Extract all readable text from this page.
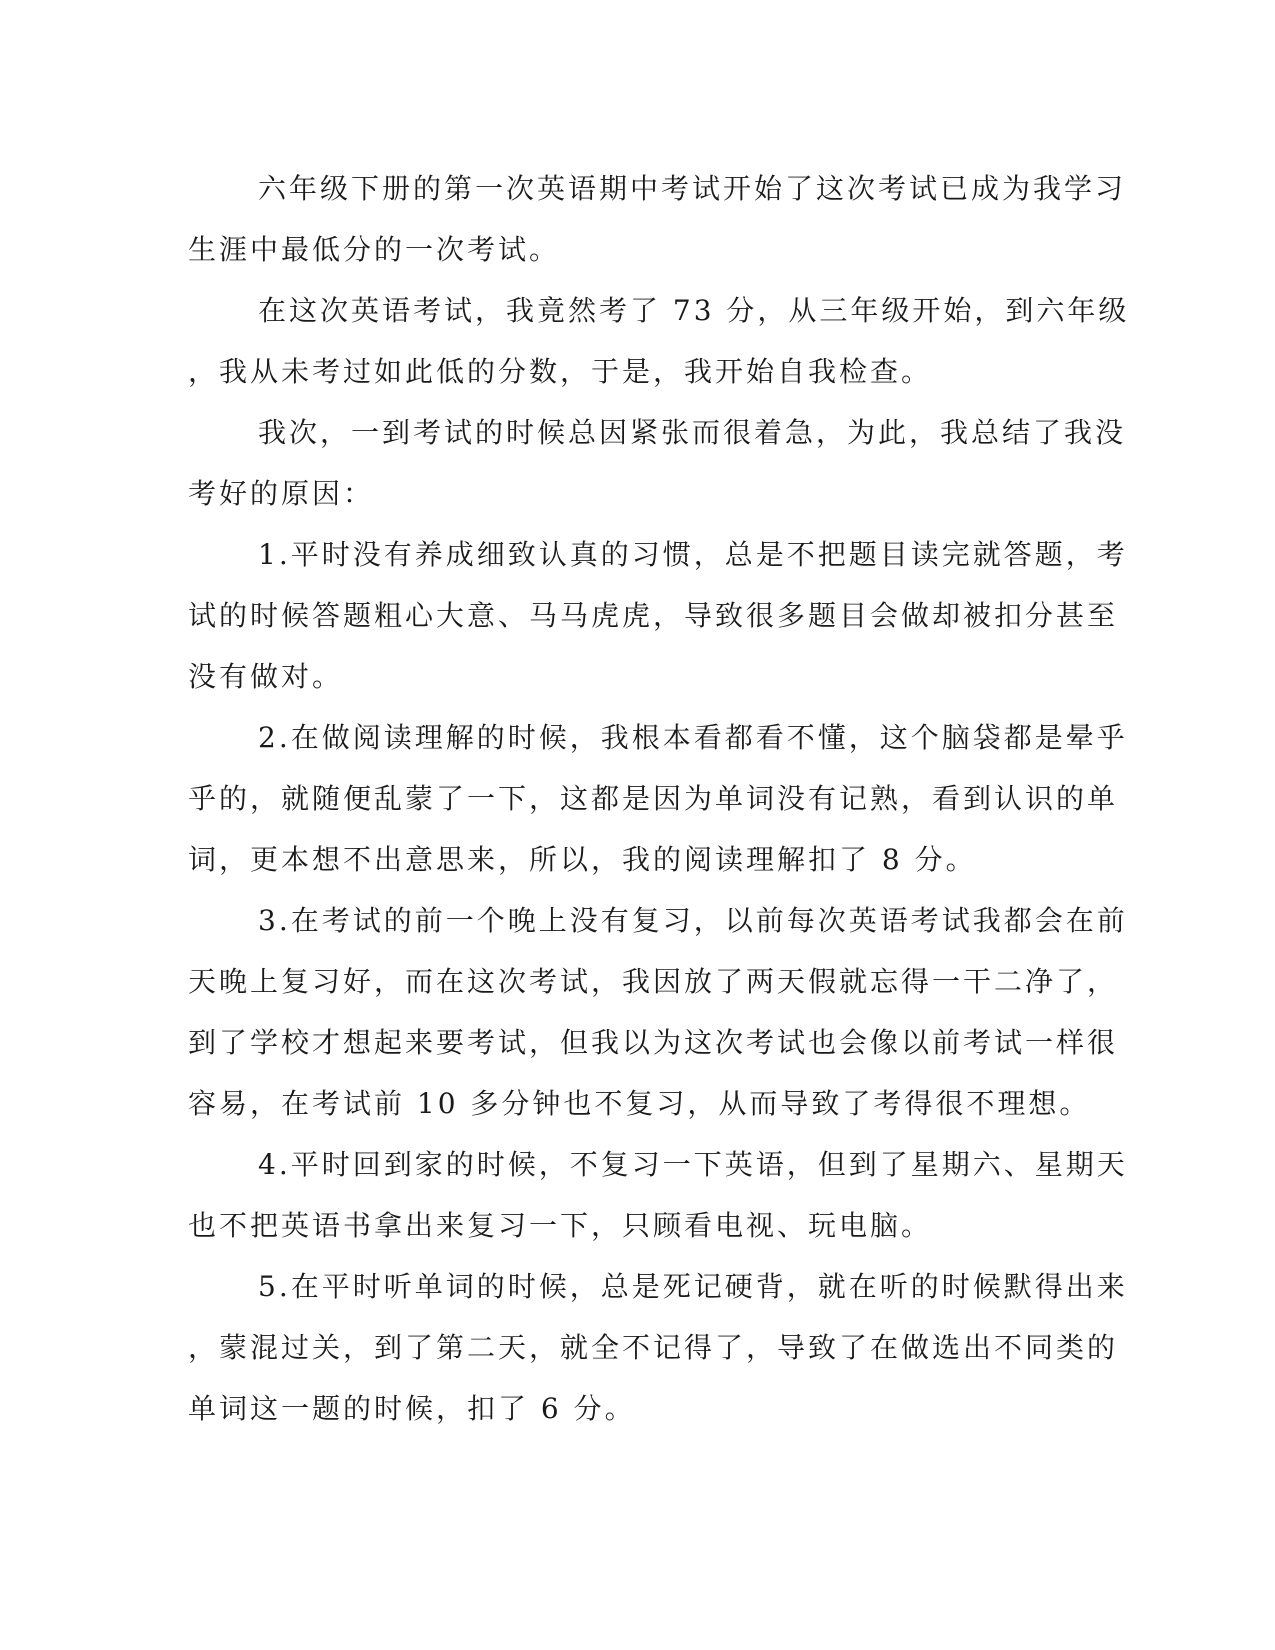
六年级下册的第一次英语期中考试开始了这次考试已成为我学习
生涯中最低分的一次考试。

在这次英语考试，我竟然考了 73 分，从三年级开始，到六年级
，我从未考过如此低的分数，于是，我开始自我检查。

我次，一到考试的时候总因紧张而很着急，为此，我总结了我没
考好的原因：

1.平时没有养成细致认真的习惯，总是不把题目读完就答题，考
试的时候答题粗心大意、马马虎虎，导致很多题目会做却被扣分甚至
没有做对。

2.在做阅读理解的时候，我根本看都看不懂，这个脑袋都是晕乎
乎的，就随便乱蒙了一下，这都是因为单词没有记熟，看到认识的单
词，更本想不出意思来，所以，我的阅读理解扣了 8 分。

3.在考试的前一个晚上没有复习，以前每次英语考试我都会在前
天晚上复习好，而在这次考试，我因放了两天假就忘得一干二净了，
到了学校才想起来要考试，但我以为这次考试也会像以前考试一样很
容易，在考试前 10 多分钟也不复习，从而导致了考得很不理想。

4.平时回到家的时候，不复习一下英语，但到了星期六、星期天
也不把英语书拿出来复习一下，只顾看电视、玩电脑。

5.在平时听单词的时候，总是死记硬背，就在听的时候默得出来
，蒙混过关，到了第二天，就全不记得了，导致了在做选出不同类的
单词这一题的时候，扣了 6 分。
